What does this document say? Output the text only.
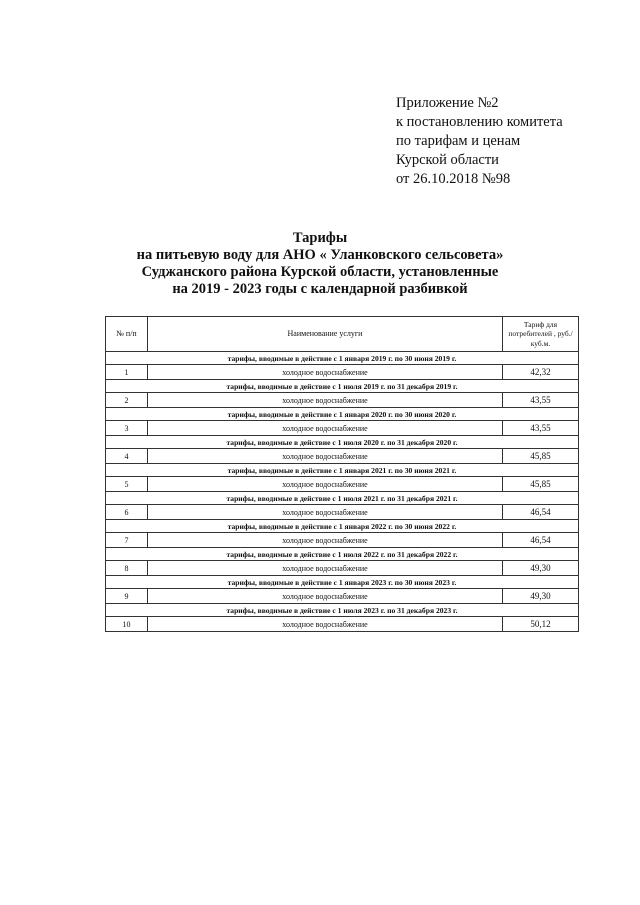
Приложение №2
к постановлению комитета
по тарифам и ценам
Курской области
от 26.10.2018 №98
Тарифы
на питьевую воду для АНО « Уланковского сельсовета»
Суджанского района Курской области, установленные
на 2019 - 2023 годы с календарной разбивкой
№ п/п	Наименование услуги	Тариф для потребителей , руб./ куб.м.
тарифы, вводимые в действие с 1 января 2019 г. по 30 июня 2019 г.		
1	холодное водоснабжение	42,32
тарифы, вводимые в действие с 1 июля 2019 г. по 31 декабря 2019 г.		
2	холодное водоснабжение	43,55
тарифы, вводимые в действие с 1 января 2020 г. по 30 июня 2020 г.		
3	холодное водоснабжение	43,55
тарифы, вводимые в действие с 1 июля 2020 г. по 31 декабря 2020 г.		
4	холодное водоснабжение	45,85
тарифы, вводимые в действие с 1 января 2021 г. по 30 июня 2021 г.		
5	холодное водоснабжение	45,85
тарифы, вводимые в действие с 1 июля 2021 г. по 31 декабря 2021 г.		
6	холодное водоснабжение	46,54
тарифы, вводимые в действие с 1 января 2022 г. по 30 июня 2022 г.		
7	холодное водоснабжение	46,54
тарифы, вводимые в действие с 1 июля 2022 г. по 31 декабря 2022 г.		
8	холодное водоснабжение	49,30
тарифы, вводимые в действие с 1 января 2023 г. по 30 июня 2023 г.		
9	холодное водоснабжение	49,30
тарифы, вводимые в действие с 1 июля 2023 г. по 31 декабря 2023 г.		
10	холодное водоснабжение	50,12
